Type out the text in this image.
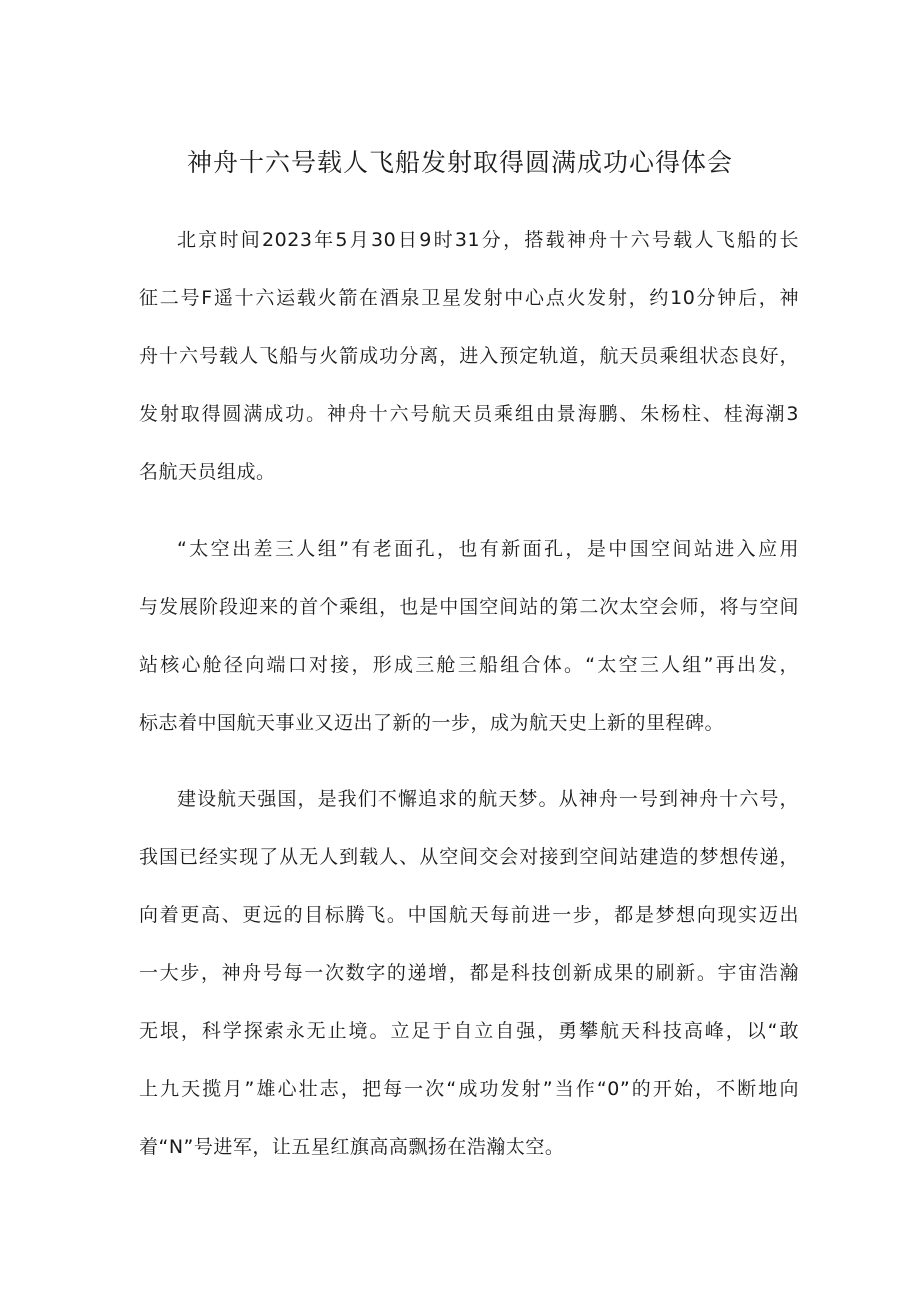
神舟十六号载人飞船发射取得圆满成功心得体会
北京时间2023年5月30日9时31分，搭载神舟十六号载人飞船的长
征二号F遥十六运载火箭在酒泉卫星发射中心点火发射，约10分钟后，神
舟十六号载人飞船与火箭成功分离，进入预定轨道，航天员乘组状态良好，
发射取得圆满成功。神舟十六号航天员乘组由景海鹏、朱杨柱、桂海潮3
名航天员组成。
“太空出差三人组”有老面孔，也有新面孔，是中国空间站进入应用
与发展阶段迎来的首个乘组，也是中国空间站的第二次太空会师，将与空间
站核心舱径向端口对接，形成三舱三船组合体。“太空三人组”再出发，
标志着中国航天事业又迈出了新的一步，成为航天史上新的里程碑。
建设航天强国，是我们不懈追求的航天梦。从神舟一号到神舟十六号，
我国已经实现了从无人到载人、从空间交会对接到空间站建造的梦想传递，
向着更高、更远的目标腾飞。中国航天每前进一步，都是梦想向现实迈出
一大步，神舟号每一次数字的递增，都是科技创新成果的刷新。宇宙浩瀚
无垠，科学探索永无止境。立足于自立自强，勇攀航天科技高峰，以“敢
上九天揽月”雄心壮志，把每一次“成功发射”当作“0”的开始，不断地向
着“N”号进军，让五星红旗高高飘扬在浩瀚太空。
